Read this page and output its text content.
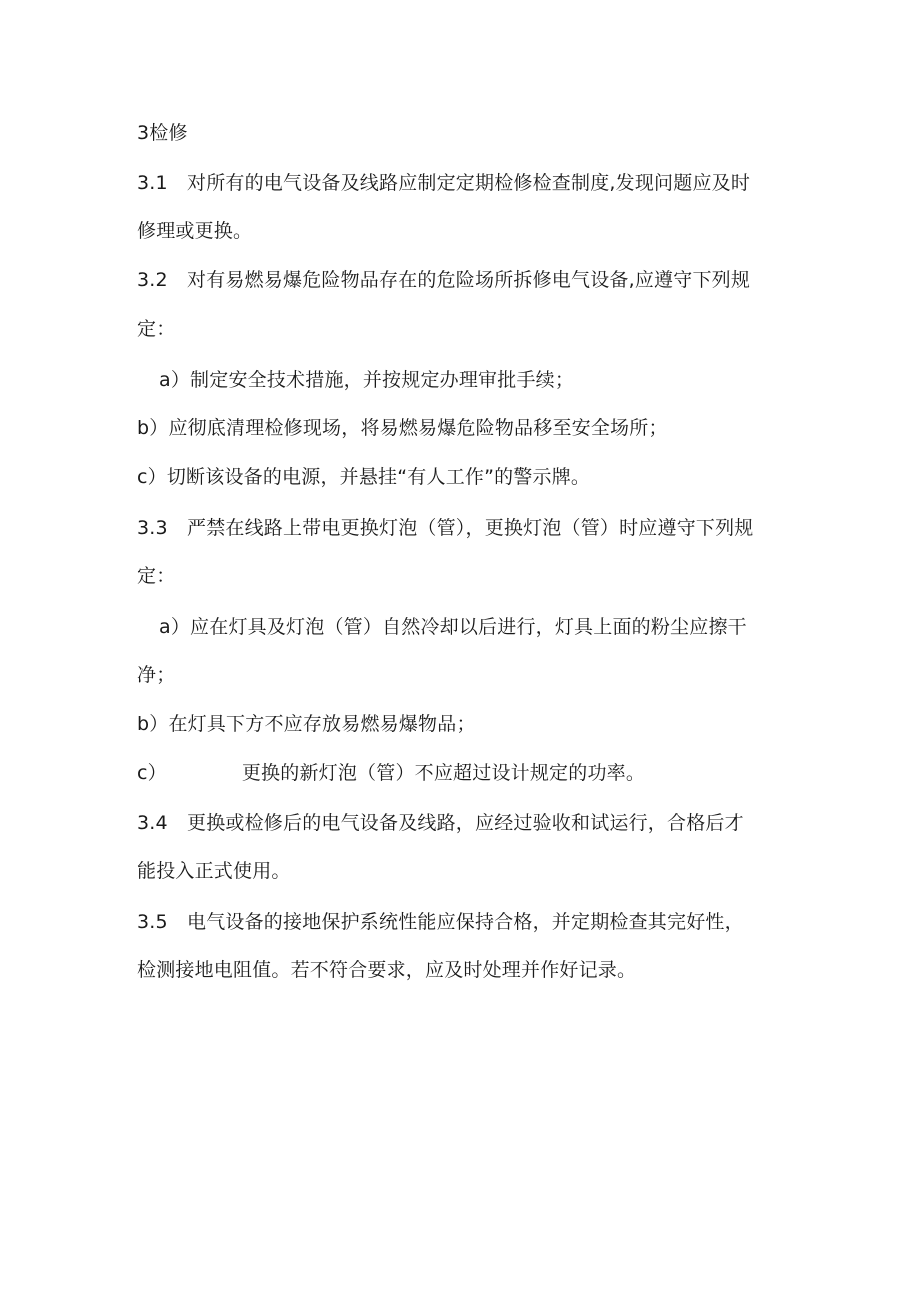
3检修
3.1 对所有的电气设备及线路应制定定期检修检查制度,发现问题应及时
修理或更换。
3.2 对有易燃易爆危险物品存在的危险场所拆修电气设备,应遵守下列规
定：
a）制定安全技术措施，并按规定办理审批手续；
b）应彻底清理检修现场，将易燃易爆危险物品移至安全场所；
c）切断该设备的电源，并悬挂“有人工作”的警示牌。
3.3 严禁在线路上带电更换灯泡（管），更换灯泡（管）时应遵守下列规
定：
a）应在灯具及灯泡（管）自然冷却以后进行，灯具上面的粉尘应擦干
净；
b）在灯具下方不应存放易燃易爆物品；
c）	更换的新灯泡（管）不应超过设计规定的功率。
3.4 更换或检修后的电气设备及线路，应经过验收和试运行，合格后才
能投入正式使用。
3.5 电气设备的接地保护系统性能应保持合格，并定期检查其完好性，
检测接地电阻值。若不符合要求，应及时处理并作好记录。
